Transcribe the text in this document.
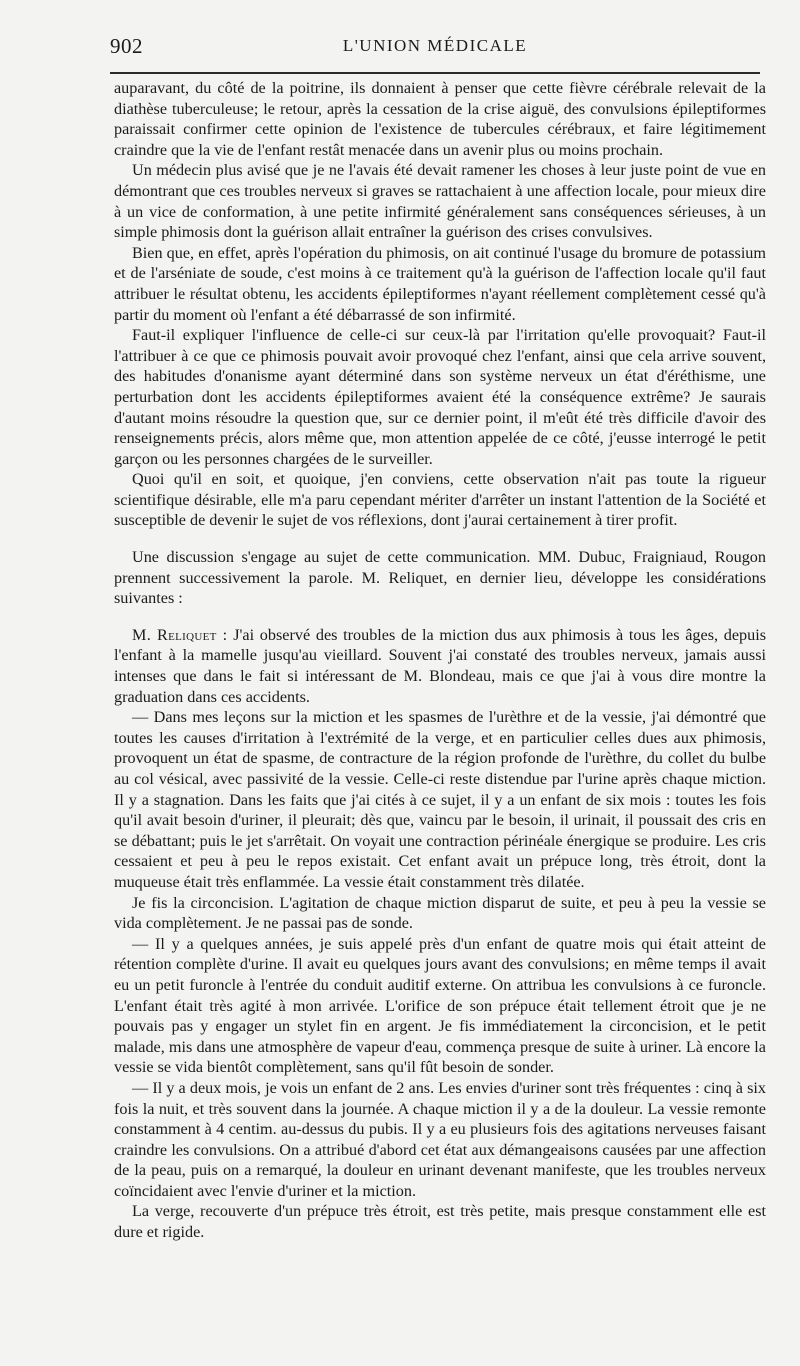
902	L'UNION MÉDICALE

auparavant, du côté de la poitrine, ils donnaient à penser que cette fièvre cérébrale relevait de la diathèse tuberculeuse; le retour, après la cessation de la crise aiguë, des convulsions épileptiformes paraissait confirmer cette opinion de l'existence de tubercules cérébraux, et faire légitimement craindre que la vie de l'enfant restât menacée dans un avenir plus ou moins prochain.

Un médecin plus avisé que je ne l'avais été devait ramener les choses à leur juste point de vue en démontrant que ces troubles nerveux si graves se rattachaient à une affection locale, pour mieux dire à un vice de conformation, à une petite infirmité généralement sans conséquences sérieuses, à un simple phimosis dont la guérison allait entraîner la guérison des crises convulsives.

Bien que, en effet, après l'opération du phimosis, on ait continué l'usage du bromure de potassium et de l'arséniate de soude, c'est moins à ce traitement qu'à la guérison de l'affection locale qu'il faut attribuer le résultat obtenu, les accidents épileptiformes n'ayant réellement complètement cessé qu'à partir du moment où l'enfant a été débarrassé de son infirmité.

Faut-il expliquer l'influence de celle-ci sur ceux-là par l'irritation qu'elle provoquait? Faut-il l'attribuer à ce que ce phimosis pouvait avoir provoqué chez l'enfant, ainsi que cela arrive souvent, des habitudes d'onanisme ayant déterminé dans son système nerveux un état d'éréthisme, une perturbation dont les accidents épileptiformes avaient été la conséquence extrême? Je saurais d'autant moins résoudre la question que, sur ce dernier point, il m'eût été très difficile d'avoir des renseignements précis, alors même que, mon attention appelée de ce côté, j'eusse interrogé le petit garçon ou les personnes chargées de le surveiller.

Quoi qu'il en soit, et quoique, j'en conviens, cette observation n'ait pas toute la rigueur scientifique désirable, elle m'a paru cependant mériter d'arrêter un instant l'attention de la Société et susceptible de devenir le sujet de vos réflexions, dont j'aurai certainement à tirer profit.

Une discussion s'engage au sujet de cette communication. MM. Dubuc, Fraigniaud, Rougon prennent successivement la parole. M. Reliquet, en dernier lieu, développe les considérations suivantes :

M. Reliquet : J'ai observé des troubles de la miction dus aux phimosis à tous les âges, depuis l'enfant à la mamelle jusqu'au vieillard. Souvent j'ai constaté des troubles nerveux, jamais aussi intenses que dans le fait si intéressant de M. Blondeau, mais ce que j'ai à vous dire montre la graduation dans ces accidents.

— Dans mes leçons sur la miction et les spasmes de l'urèthre et de la vessie, j'ai démontré que toutes les causes d'irritation à l'extrémité de la verge, et en particulier celles dues aux phimosis, provoquent un état de spasme, de contracture de la région profonde de l'urèthre, du collet du bulbe au col vésical, avec passivité de la vessie. Celle-ci reste distendue par l'urine après chaque miction. Il y a stagnation. Dans les faits que j'ai cités à ce sujet, il y a un enfant de six mois : toutes les fois qu'il avait besoin d'uriner, il pleurait; dès que, vaincu par le besoin, il urinait, il poussait des cris en se débattant; puis le jet s'arrêtait. On voyait une contraction périnéale énergique se produire. Les cris cessaient et peu à peu le repos existait. Cet enfant avait un prépuce long, très étroit, dont la muqueuse était très enflammée. La vessie était constamment très dilatée.

Je fis la circoncision. L'agitation de chaque miction disparut de suite, et peu à peu la vessie se vida complètement. Je ne passai pas de sonde.

— Il y a quelques années, je suis appelé près d'un enfant de quatre mois qui était atteint de rétention complète d'urine. Il avait eu quelques jours avant des convulsions; en même temps il avait eu un petit furoncle à l'entrée du conduit auditif externe. On attribua les convulsions à ce furoncle. L'enfant était très agité à mon arrivée. L'orifice de son prépuce était tellement étroit que je ne pouvais pas y engager un stylet fin en argent. Je fis immédiatement la circoncision, et le petit malade, mis dans une atmosphère de vapeur d'eau, commença presque de suite à uriner. Là encore la vessie se vida bientôt complètement, sans qu'il fût besoin de sonder.

— Il y a deux mois, je vois un enfant de 2 ans. Les envies d'uriner sont très fréquentes : cinq à six fois la nuit, et très souvent dans la journée. A chaque miction il y a de la douleur. La vessie remonte constamment à 4 centim. au-dessus du pubis. Il y a eu plusieurs fois des agitations nerveuses faisant craindre les convulsions. On a attribué d'abord cet état aux démangeaisons causées par une affection de la peau, puis on a remarqué, la douleur en urinant devenant manifeste, que les troubles nerveux coïncidaient avec l'envie d'uriner et la miction.

La verge, recouverte d'un prépuce très étroit, est très petite, mais presque constamment elle est dure et rigide.
